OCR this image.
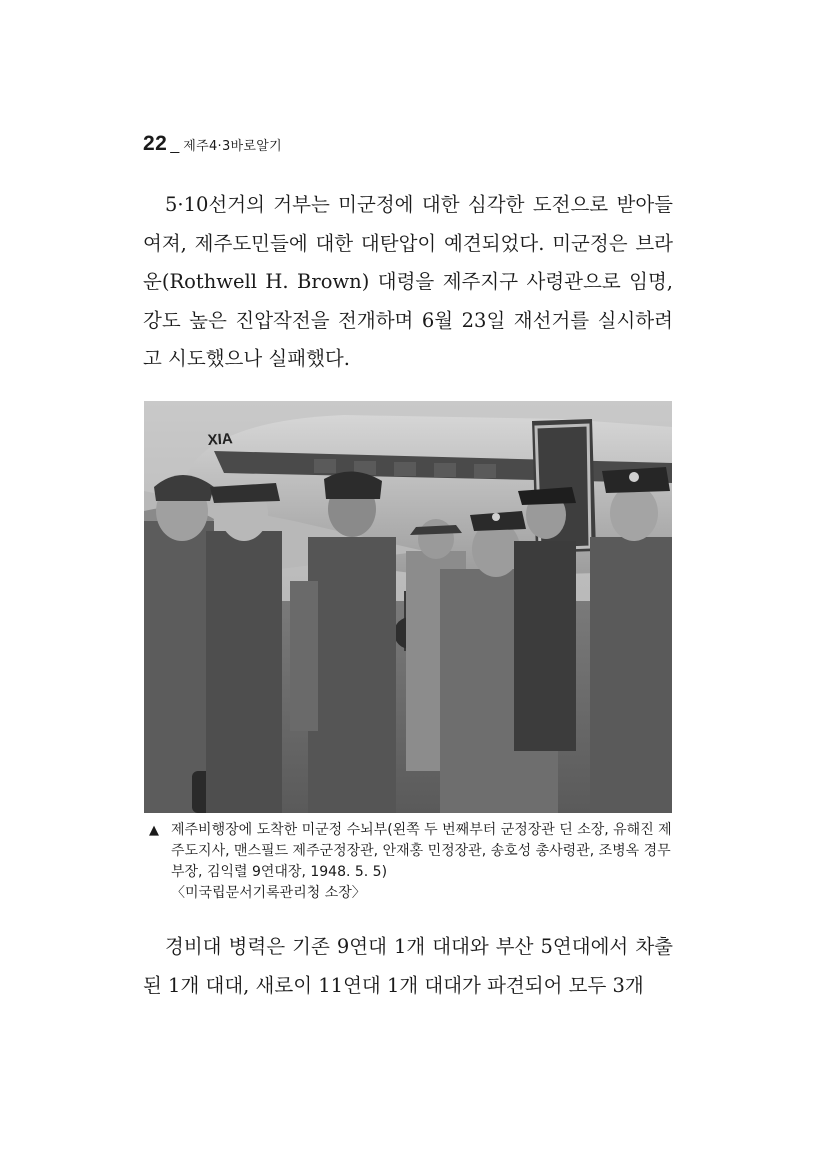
22 _ 제주4·3바로알기

5·10선거의 거부는 미군정에 대한 심각한 도전으로 받아들여져, 제주도민들에 대한 대탄압이 예견되었다. 미군정은 브라운(Rothwell H. Brown) 대령을 제주지구 사령관으로 임명, 강도 높은 진압작전을 전개하며 6월 23일 재선거를 실시하려고 시도했으나 실패했다.

XIA
▲ 제주비행장에 도착한 미군정 수뇌부(왼쪽 두 번째부터 군정장관 딘 소장, 유해진 제주도지사, 맨스필드 제주군정장관, 안재홍 민정장관, 송호성 총사령관, 조병옥 경무부장, 김익렬 9연대장, 1948. 5. 5)
〈미국립문서기록관리청 소장〉

경비대 병력은 기존 9연대 1개 대대와 부산 5연대에서 차출된 1개 대대, 새로이 11연대 1개 대대가 파견되어 모두 3개
